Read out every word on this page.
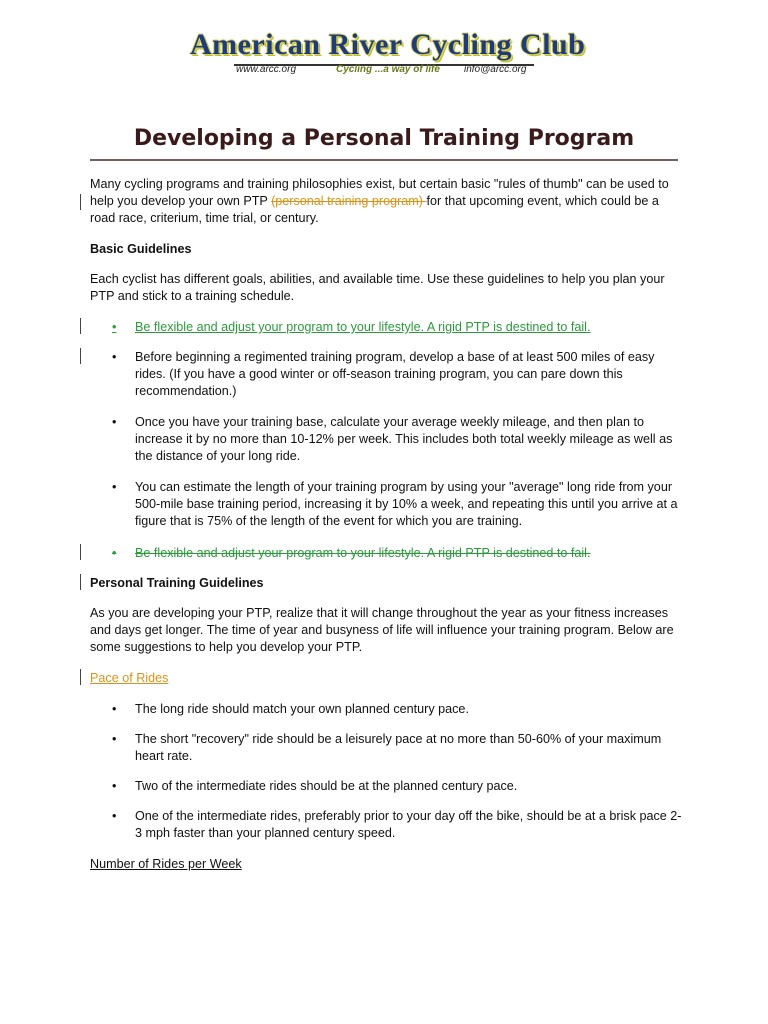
American River Cycling Club
www.arcc.org	Cycling ...a way of life info@arcc.org
Developing a Personal Training Program
Many cycling programs and training philosophies exist, but certain basic "rules of thumb" can be used to help you develop your own PTP (personal training program) for that upcoming event, which could be a road race, criterium, time trial, or century.
Basic Guidelines
Each cyclist has different goals, abilities, and available time. Use these guidelines to help you plan your PTP and stick to a training schedule.
• Be flexible and adjust your program to your lifestyle. A rigid PTP is destined to fail.
• Before beginning a regimented training program, develop a base of at least 500 miles of easy rides. (If you have a good winter or off-season training program, you can pare down this recommendation.)
• Once you have your training base, calculate your average weekly mileage, and then plan to increase it by no more than 10-12% per week. This includes both total weekly mileage as well as the distance of your long ride.
• You can estimate the length of your training program by using your "average" long ride from your 500-mile base training period, increasing it by 10% a week, and repeating this until you arrive at a figure that is 75% of the length of the event for which you are training.
• Be flexible and adjust your program to your lifestyle. A rigid PTP is destined to fail.
Personal Training Guidelines
As you are developing your PTP, realize that it will change throughout the year as your fitness increases and days get longer. The time of year and busyness of life will influence your training program. Below are some suggestions to help you develop your PTP.
Pace of Rides
• The long ride should match your own planned century pace.
• The short "recovery" ride should be a leisurely pace at no more than 50-60% of your maximum heart rate.
• Two of the intermediate rides should be at the planned century pace.
• One of the intermediate rides, preferably prior to your day off the bike, should be at a brisk pace 2-3 mph faster than your planned century speed.
Number of Rides per Week
